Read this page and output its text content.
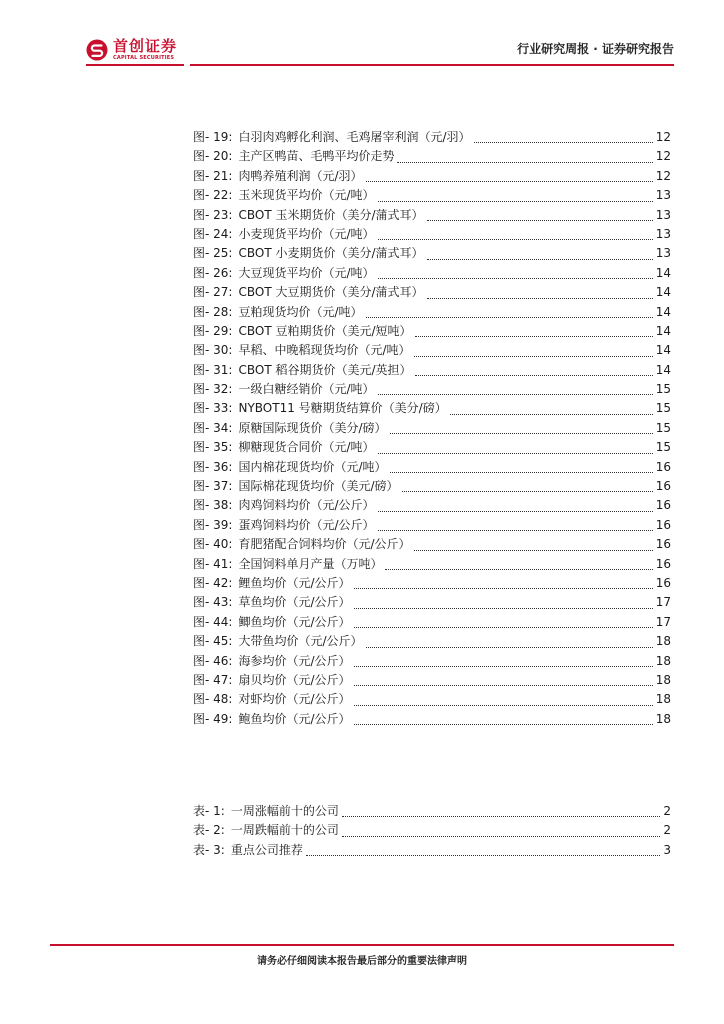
首创证券
CAPITAL SECURITIES
行业研究周报 · 证券研究报告
图- 19: 白羽肉鸡孵化利润、毛鸡屠宰利润（元/羽）	12
图- 20: 主产区鸭苗、毛鸭平均价走势	12
图- 21: 肉鸭养殖利润（元/羽）	12
图- 22: 玉米现货平均价（元/吨）	13
图- 23: CBOT 玉米期货价（美分/蒲式耳）	13
图- 24: 小麦现货平均价（元/吨）	13
图- 25: CBOT 小麦期货价（美分/蒲式耳）	13
图- 26: 大豆现货平均价（元/吨）	14
图- 27: CBOT 大豆期货价（美分/蒲式耳）	14
图- 28: 豆粕现货均价（元/吨）	14
图- 29: CBOT 豆粕期货价（美元/短吨）	14
图- 30: 早稻、中晚稻现货均价（元/吨）	14
图- 31: CBOT 稻谷期货价（美元/英担）	14
图- 32: 一级白糖经销价（元/吨）	15
图- 33: NYBOT11 号糖期货结算价（美分/磅）	15
图- 34: 原糖国际现货价（美分/磅）	15
图- 35: 柳糖现货合同价（元/吨）	15
图- 36: 国内棉花现货均价（元/吨）	16
图- 37: 国际棉花现货均价（美元/磅）	16
图- 38: 肉鸡饲料均价（元/公斤）	16
图- 39: 蛋鸡饲料均价（元/公斤）	16
图- 40: 育肥猪配合饲料均价（元/公斤）	16
图- 41: 全国饲料单月产量（万吨）	16
图- 42: 鲤鱼均价（元/公斤）	16
图- 43: 草鱼均价（元/公斤）	17
图- 44: 鲫鱼均价（元/公斤）	17
图- 45: 大带鱼均价（元/公斤）	18
图- 46: 海参均价（元/公斤）	18
图- 47: 扇贝均价（元/公斤）	18
图- 48: 对虾均价（元/公斤）	18
图- 49: 鲍鱼均价（元/公斤）	18
表- 1: 一周涨幅前十的公司	2
表- 2: 一周跌幅前十的公司	2
表- 3: 重点公司推荐	3
请务必仔细阅读本报告最后部分的重要法律声明
